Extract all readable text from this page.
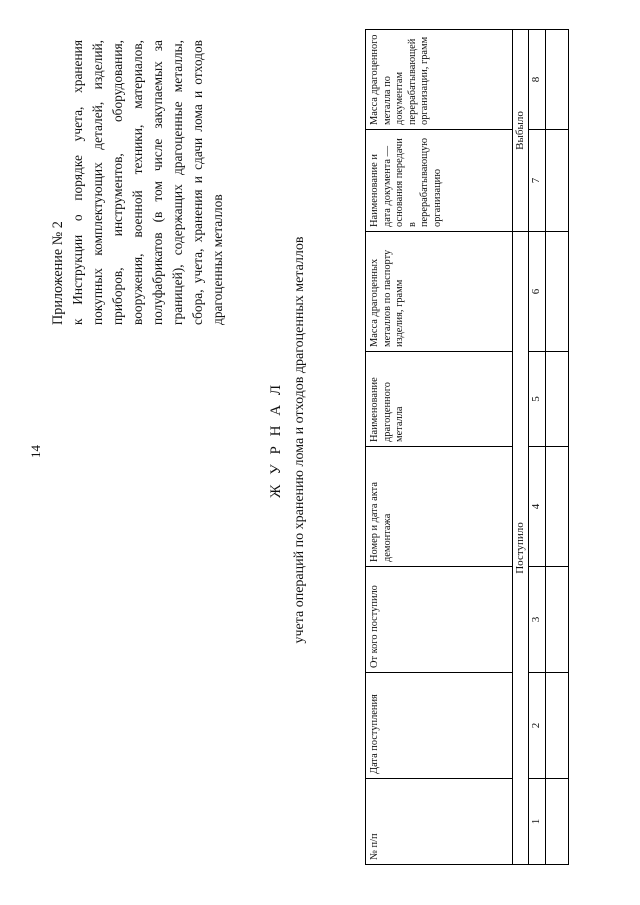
14
Приложение № 2 к Инструкции о порядке учета, хранения покупных комплектующих деталей, изделий, приборов, инструментов, оборудования, вооружения, военной техники, материалов, полуфабрикатов (в том числе закупаемых за границей), содержащих драгоценные металлы, сбора, учета, хранения и сдачи лома и отходов драгоценных металлов
Ж У Р Н А Л учета операций по хранению лома и отходов драгоценных металлов
№ п/п	Дата поступления	От кого поступило	Номер и дата акта демонтажа	Наименование драгоценного металла	Масса драгоценных металлов по паспорту изделия, грамм	Наименование и дата документа — основания передачи в перерабатывающую организацию	Масса драгоценного металла по документам перерабатывающей организации, грамм
Поступило						Выбыло	
1	2	3	4	5	6	7	8
